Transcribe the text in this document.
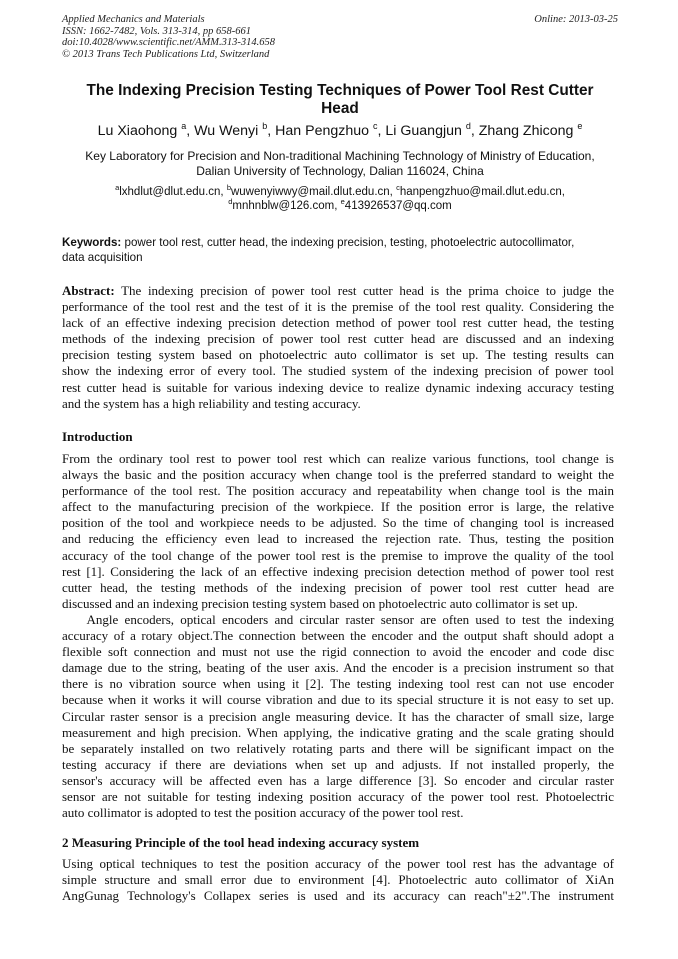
Applied Mechanics and Materials
ISSN: 1662-7482, Vols. 313-314, pp 658-661
doi:10.4028/www.scientific.net/AMM.313-314.658
© 2013 Trans Tech Publications Ltd, Switzerland
Online: 2013-03-25
The Indexing Precision Testing Techniques of Power Tool Rest Cutter
Head
Lu Xiaohong $^a$, Wu Wenyi $^b$, Han Pengzhuo $^c$, Li Guangjun $^d$, Zhang Zhicong $^e$
Key Laboratory for Precision and Non-traditional Machining Technology of Ministry of Education,
Dalian University of Technology, Dalian 116024, China
$^a$lxhdlut@dlut.edu.cn, $^b$wuwenyiwwy@mail.dlut.edu.cn, $^c$hanpengzhuo@mail.dlut.edu.cn,
$^d$mnhnblw@126.com, $^e$413926537@qq.com
Keywords: power tool rest, cutter head, the indexing precision, testing, photoelectric autocollimator,
data acquisition
Abstract: The indexing precision of power tool rest cutter head is the prima choice to judge the
performance of the tool rest and the test of it is the premise of the tool rest quality. Considering the
lack of an effective indexing precision detection method of power tool rest cutter head, the testing
methods of the indexing precision of power tool rest cutter head are discussed and an indexing
precision testing system based on photoelectric auto collimator is set up. The testing results can
show the indexing error of every tool. The studied system of the indexing precision of power tool
rest cutter head is suitable for various indexing device to realize dynamic indexing accuracy testing
and the system has a high reliability and testing accuracy.
Introduction
From the ordinary tool rest to power tool rest which can realize various functions, tool change is
always the basic and the position accuracy when change tool is the preferred standard to weight the
performance of the tool rest. The position accuracy and repeatability when change tool is the main
affect to the manufacturing precision of the workpiece. If the position error is large, the relative
position of the tool and workpiece needs to be adjusted. So the time of changing tool is increased
and reducing the efficiency even lead to increased the rejection rate. Thus, testing the position
accuracy of the tool change of the power tool rest is the premise to improve the quality of the tool
rest [1]. Considering the lack of an effective indexing precision detection method of power tool rest
cutter head, the testing methods of the indexing precision of power tool rest cutter head are
discussed and an indexing precision testing system based on photoelectric auto collimator is set up.
Angle encoders, optical encoders and circular raster sensor are often used to test the indexing
accuracy of a rotary object.The connection between the encoder and the output shaft should adopt a
flexible soft connection and must not use the rigid connection to avoid the encoder and code disc
damage due to the string, beating of the user axis. And the encoder is a precision instrument so that
there is no vibration source when using it [2]. The testing indexing tool rest can not use encoder
because when it works it will course vibration and due to its special structure it is not easy to set up.
Circular raster sensor is a precision angle measuring device. It has the character of small size, large
measurement and high precision. When applying, the indicative grating and the scale grating should
be separately installed on two relatively rotating parts and there will be significant impact on the
testing accuracy if there are deviations when set up and adjusts. If not installed properly, the
sensor's accuracy will be affected even has a large difference [3]. So encoder and circular raster
sensor are not suitable for testing indexing position accuracy of the power tool rest. Photoelectric
auto collimator is adopted to test the position accuracy of the power tool rest.
2 Measuring Principle of the tool head indexing accuracy system
Using optical techniques to test the position accuracy of the power tool rest has the advantage of
simple structure and small error due to environment [4]. Photoelectric auto collimator of XiAn
AngGunag Technology's Collapex series is used and its accuracy can reach"±2".The instrument
